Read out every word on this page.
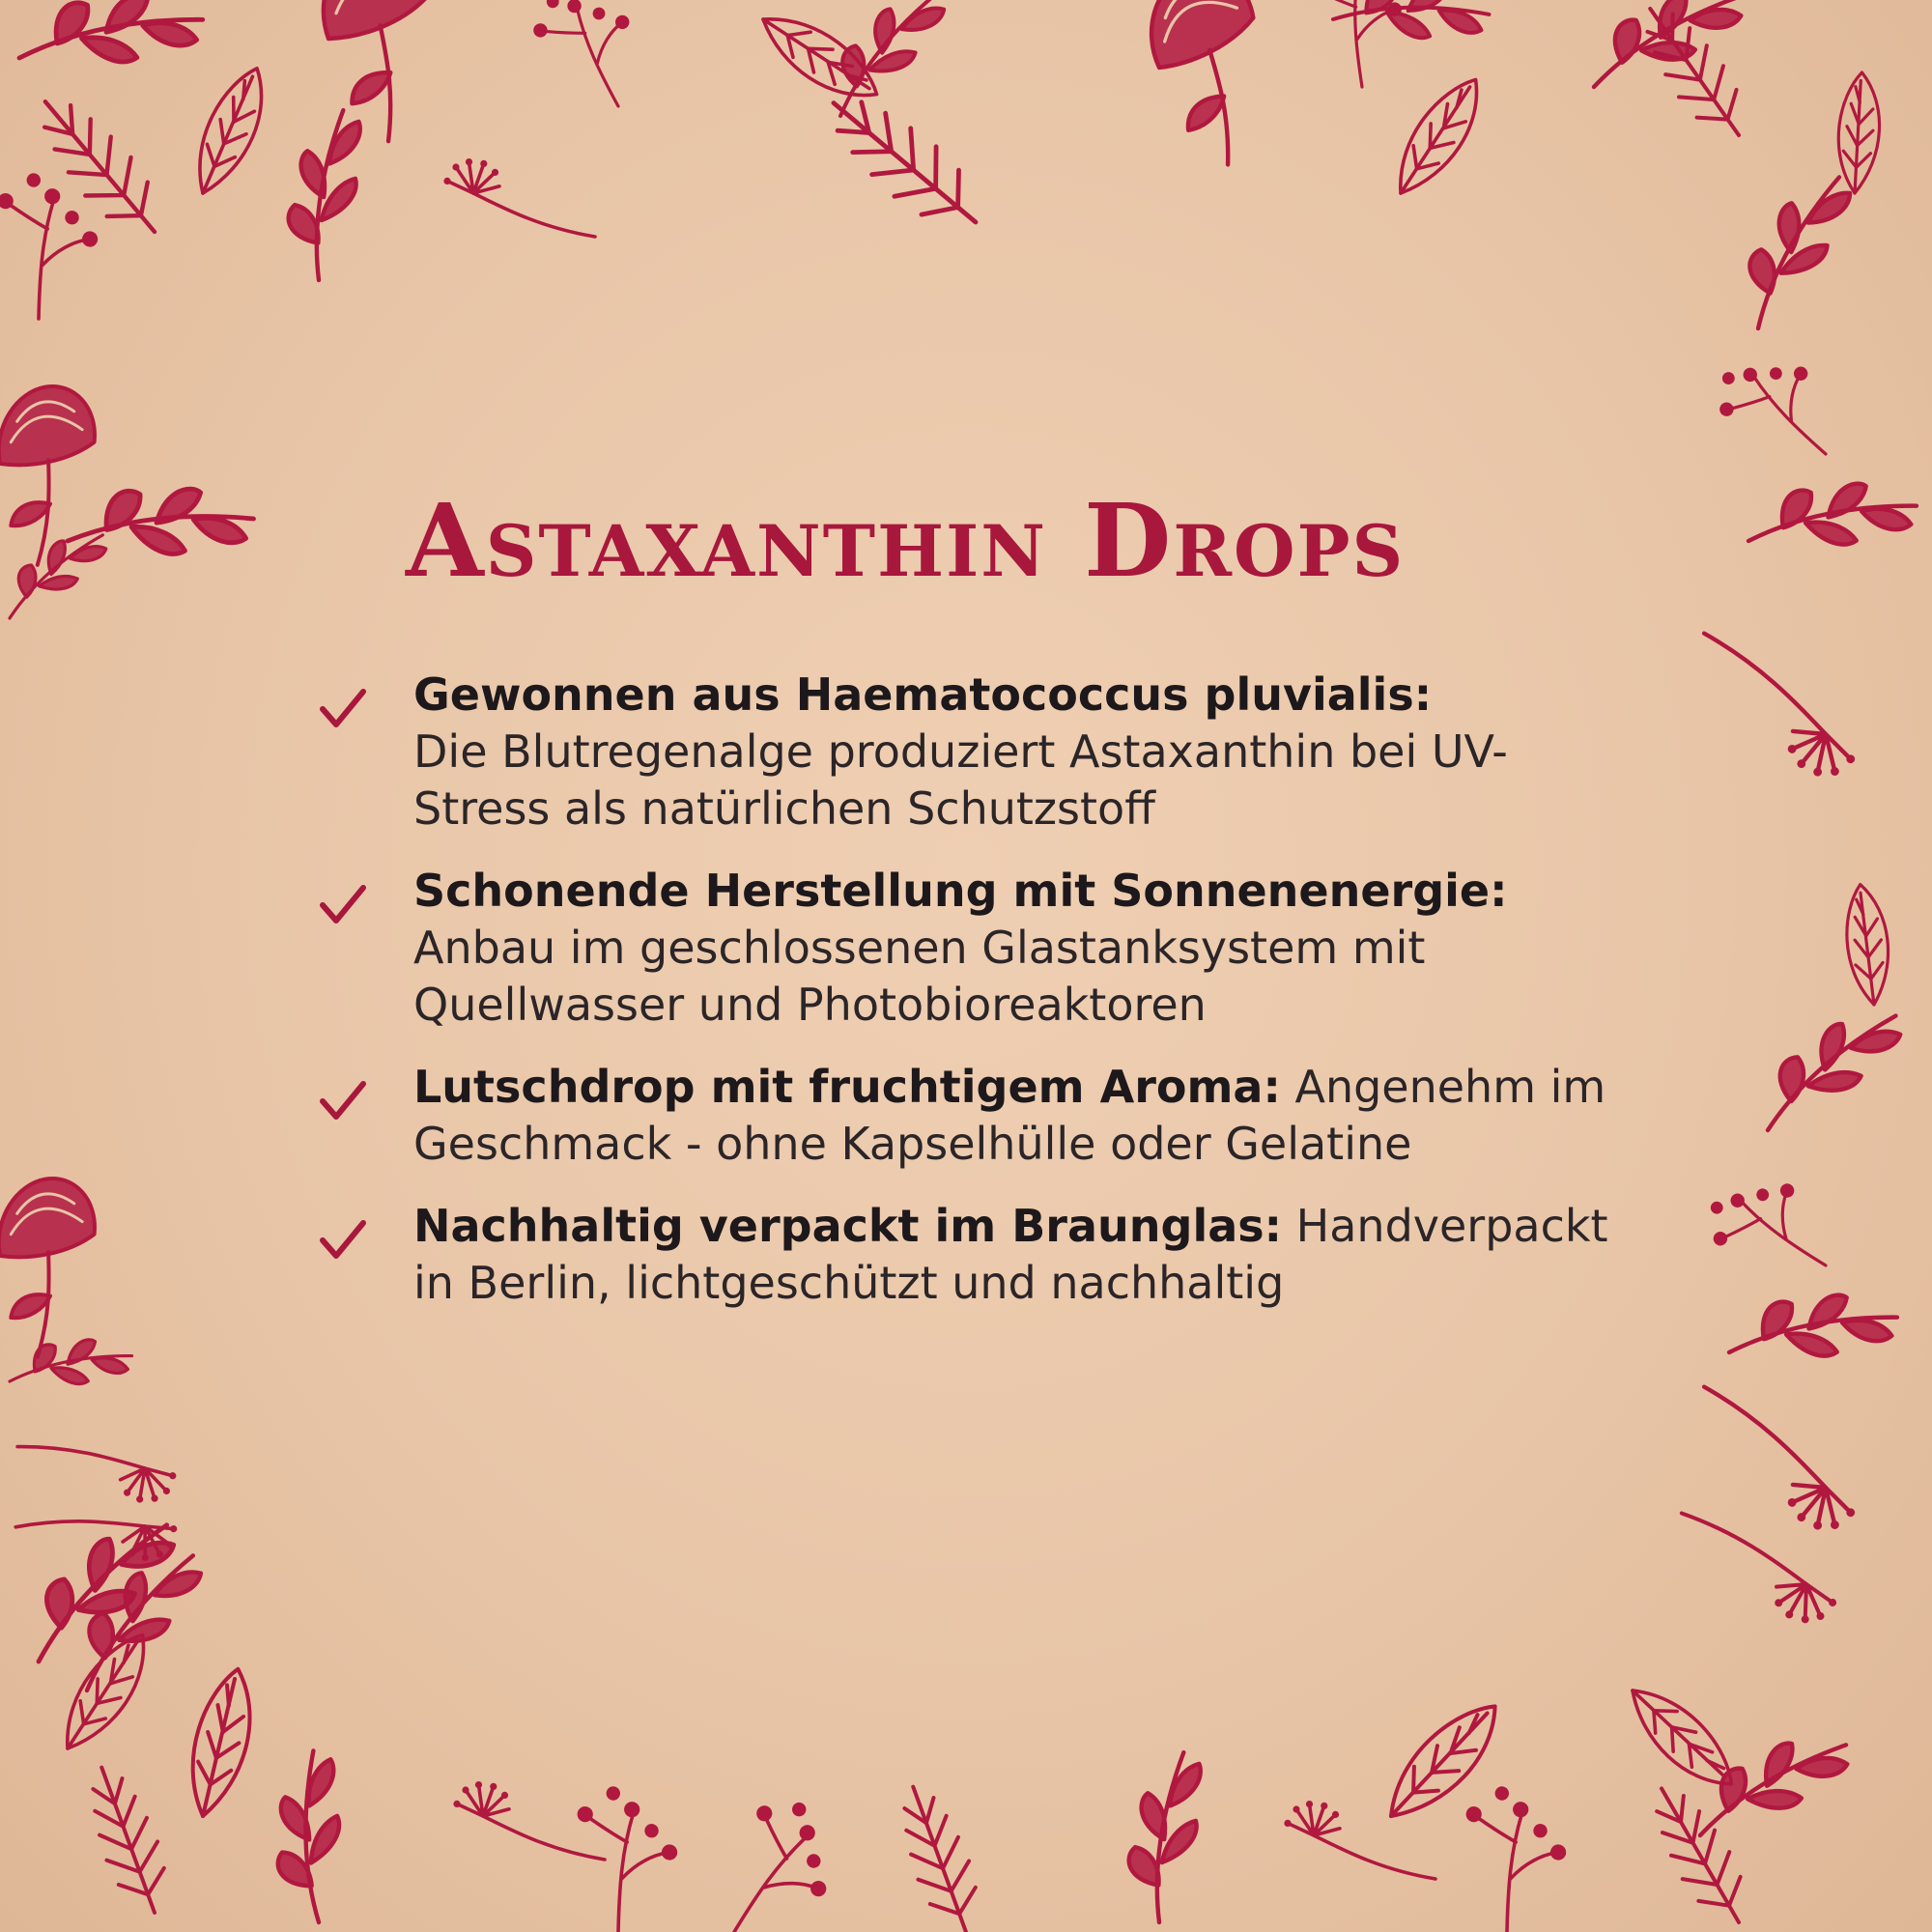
Astaxanthin Drops
Gewonnen aus Haematococcus pluvialis:
Die Blutregenalge produziert Astaxanthin bei UV-Stress als natürlichen Schutzstoff
Schonende Herstellung mit Sonnenenergie:
Anbau im geschlossenen Glastanksystem mit Quellwasser und Photobioreaktoren
Lutschdrop mit fruchtigem Aroma: Angenehm im Geschmack - ohne Kapselhülle oder Gelatine
Nachhaltig verpackt im Braunglas: Handverpackt in Berlin, lichtgeschützt und nachhaltig
